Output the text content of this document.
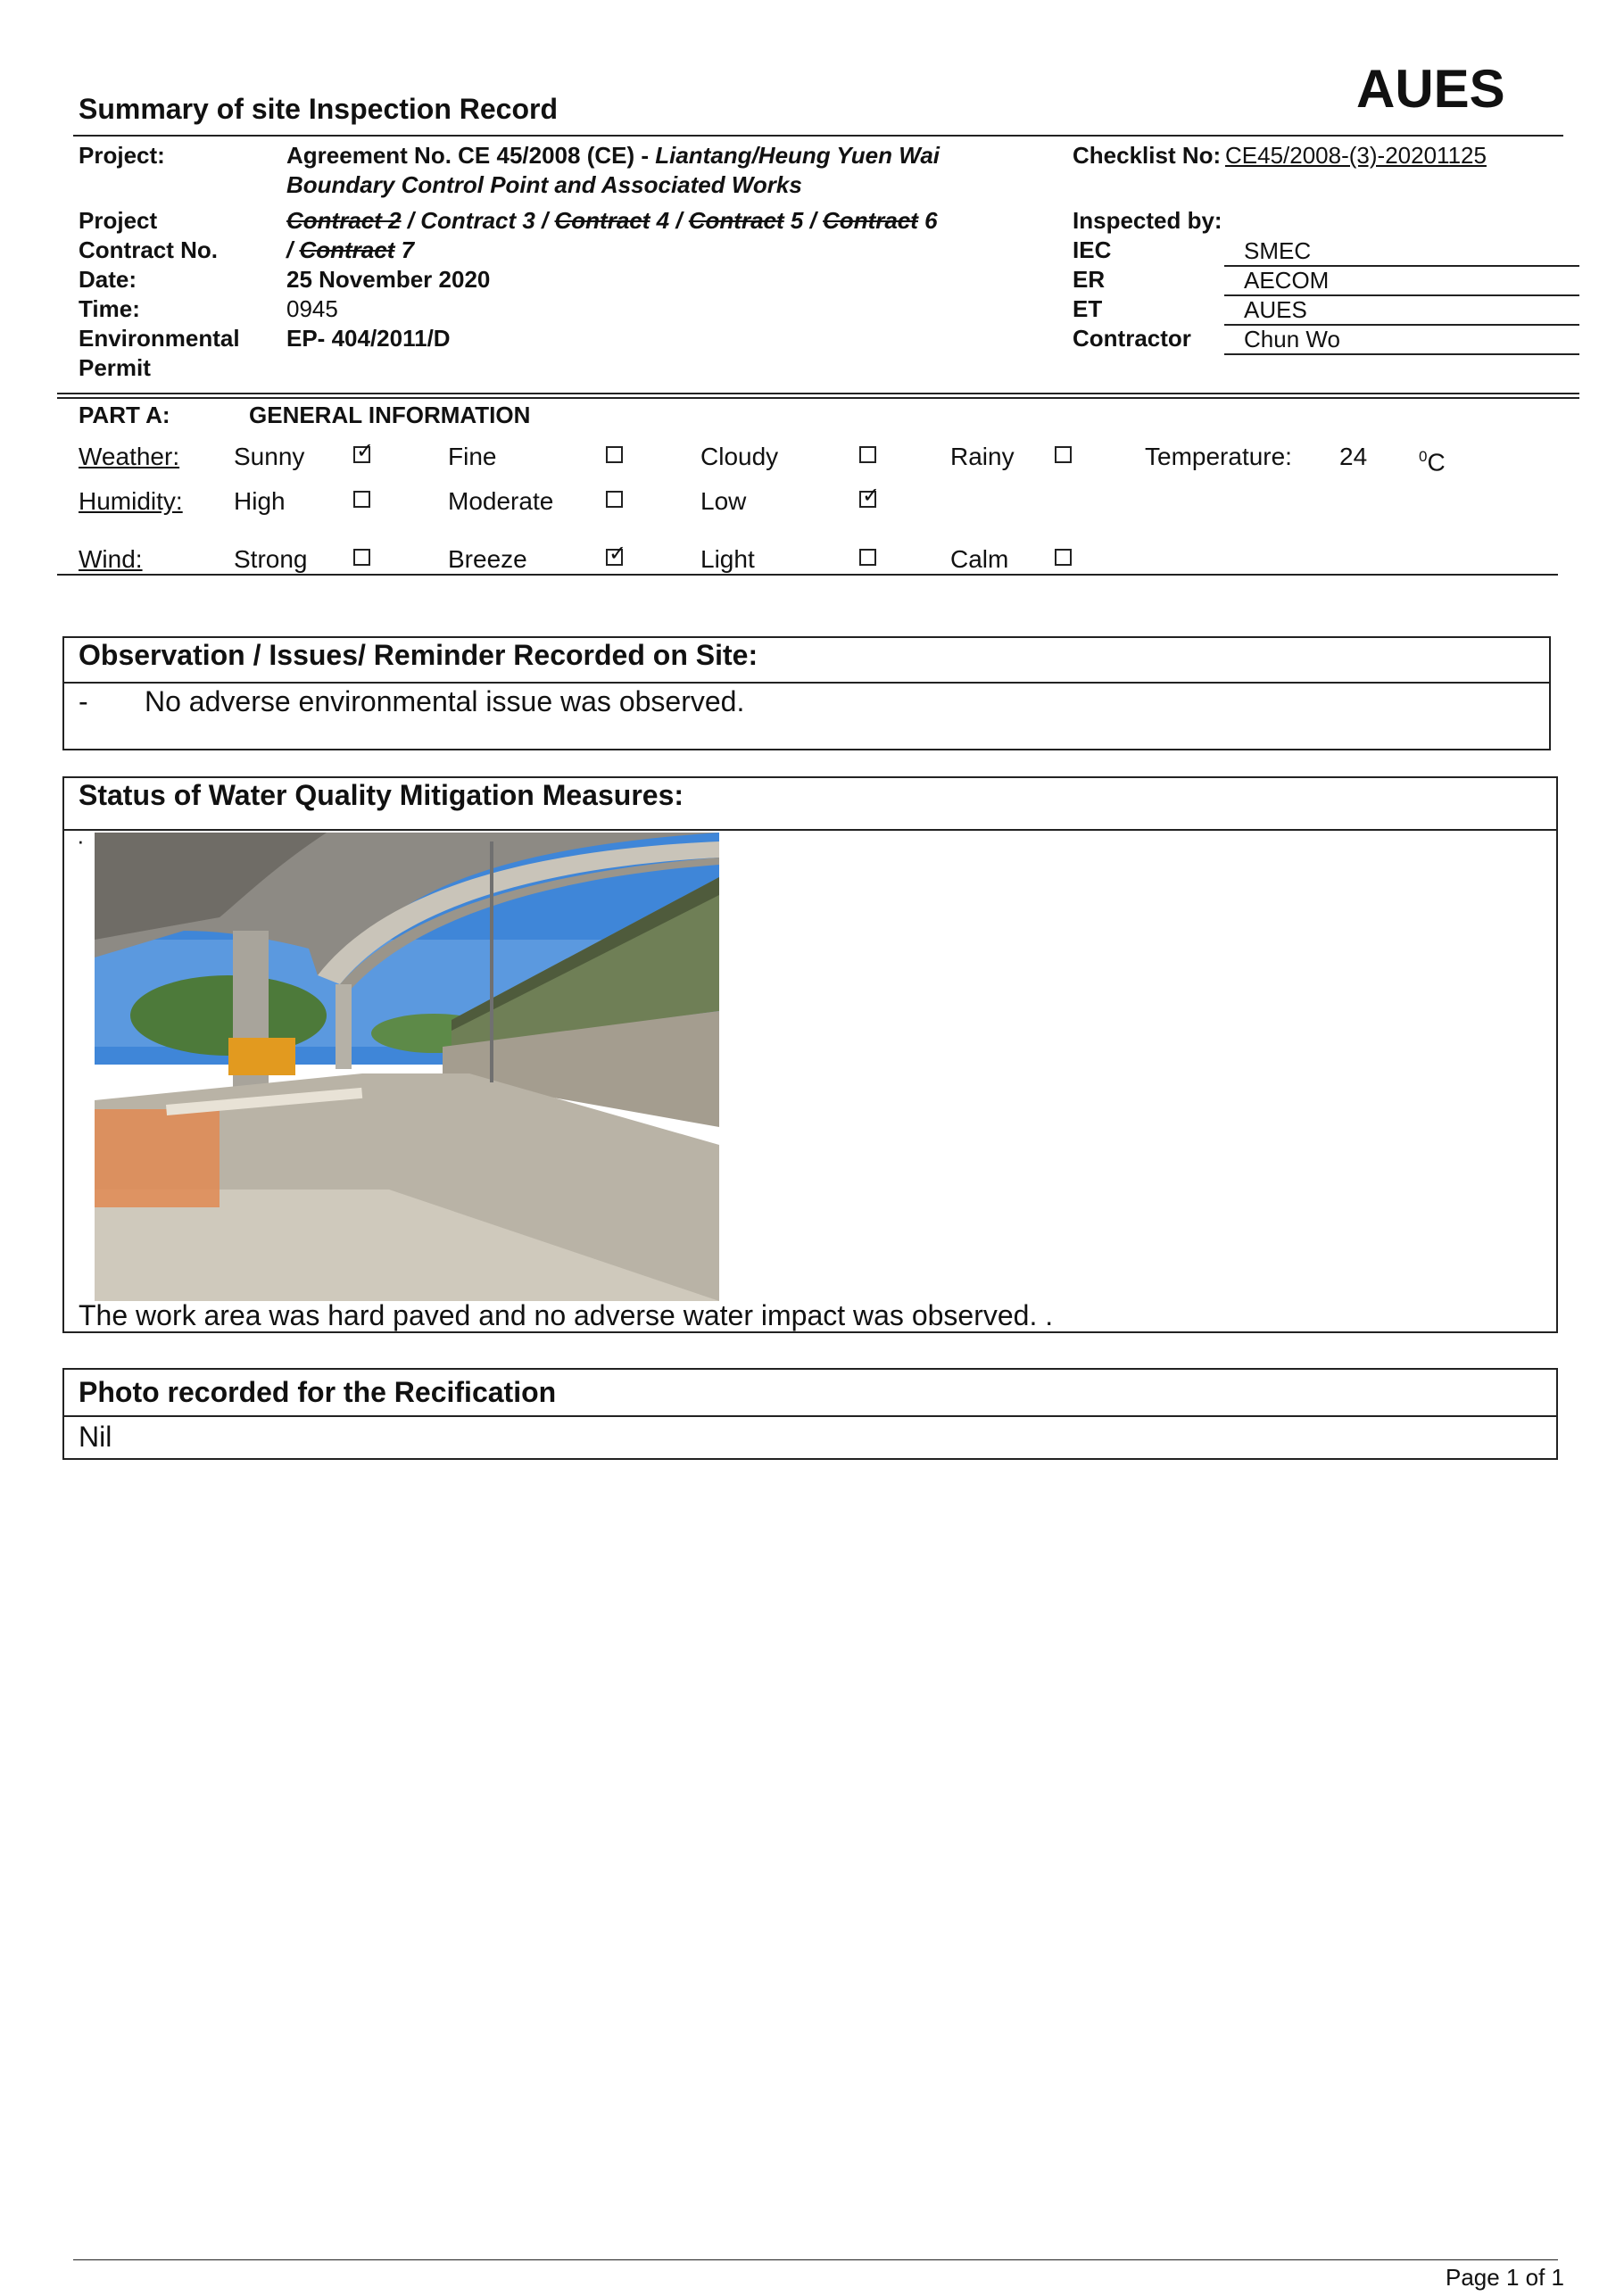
Summary of site Inspection Record	AUES
Project:	Agreement No. CE 45/2008 (CE) - Liantang/Heung Yuen Wai
Boundary Control Point and Associated Works
Checklist No: CE45/2008-(3)-20201125
Project
Contract No.
Contract 2 / Contract 3 / Contract 4 / Contract 5 / Contract 6
/ Contract 7
Date:	25 November 2020
Time:	0945
Environmental
Permit
EP- 404/2011/D
Inspected by:
IEC	SMEC
ER	AECOM
ET	AUES
Contractor Chun Wo
PART A:	GENERAL INFORMATION
Weather: Sunny ✓	Fine	Cloudy	Rainy	Temperature: 24	$^0$C
Humidity: High	Moderate	Low	✓
Wind:	Strong	Breeze	✓	Light	Calm
Observation / Issues/ Reminder Recorded on Site:
- No adverse environmental issue was observed.
Status of Water Quality Mitigation Measures:
·
The work area was hard paved and no adverse water impact was observed. .
Photo recorded for the Recification
Nil
Page 1 of 1
